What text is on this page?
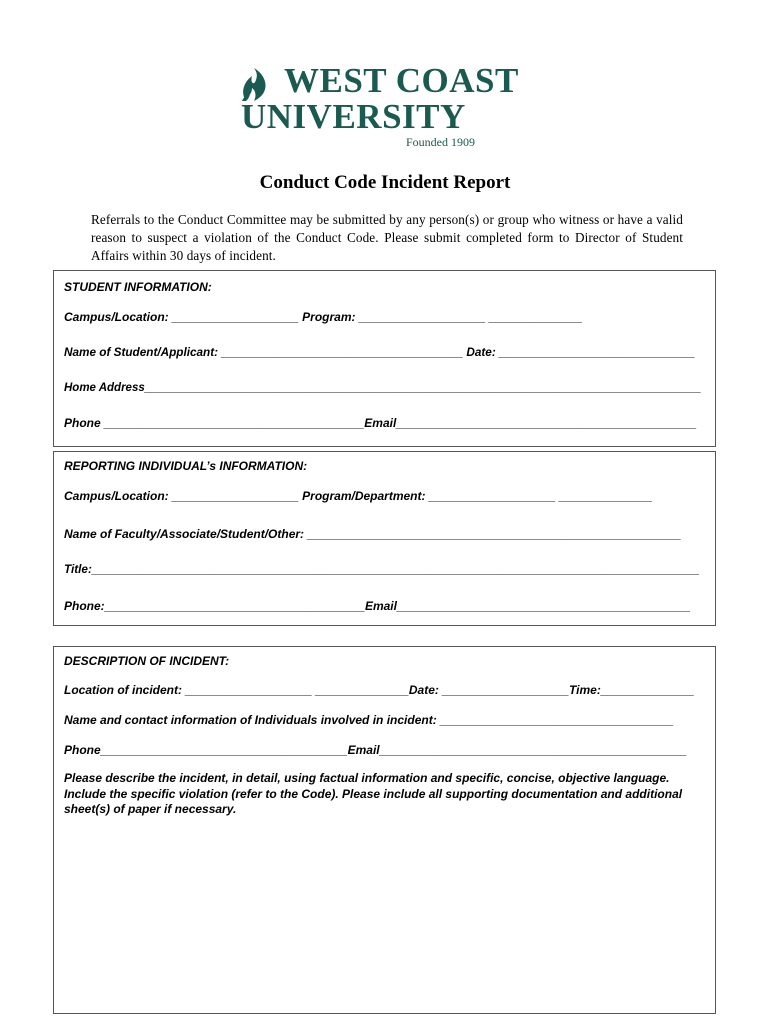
WEST COAST
UNIVERSITY
Founded 1909
Conduct Code Incident Report
Referrals to the Conduct Committee may be submitted by any person(s) or group who witness or have a valid reason to suspect a violation of the Conduct Code. Please submit completed form to Director of Student Affairs within 30 days of incident.
STUDENT INFORMATION:
Campus/Location: ___________________ Program: ___________________ ______________
Name of Student/Applicant: _____________________________________ Date: ______________________________
Home Address_______________________________________________________________________________________
Phone _______________________________________Email_____________________________________________
REPORTING INDIVIDUAL’s INFORMATION:
Campus/Location: ___________________ Program/Department: ___________________ ______________
Name of Faculty/Associate/Student/Other: ________________________________________________________
Title:_____________________________________________________________________________________________
Phone:_______________________________________Email____________________________________________
DESCRIPTION OF INCIDENT:
Location of incident: ___________________ ______________Date: ___________________Time:______________
Name and contact information of Individuals involved in incident: ___________________________________
Phone_____________________________________Email______________________________________________
Please describe the incident, in detail, using factual information and specific, concise, objective language. Include the specific violation (refer to the Code). Please include all supporting documentation and additional sheet(s) of paper if necessary.
